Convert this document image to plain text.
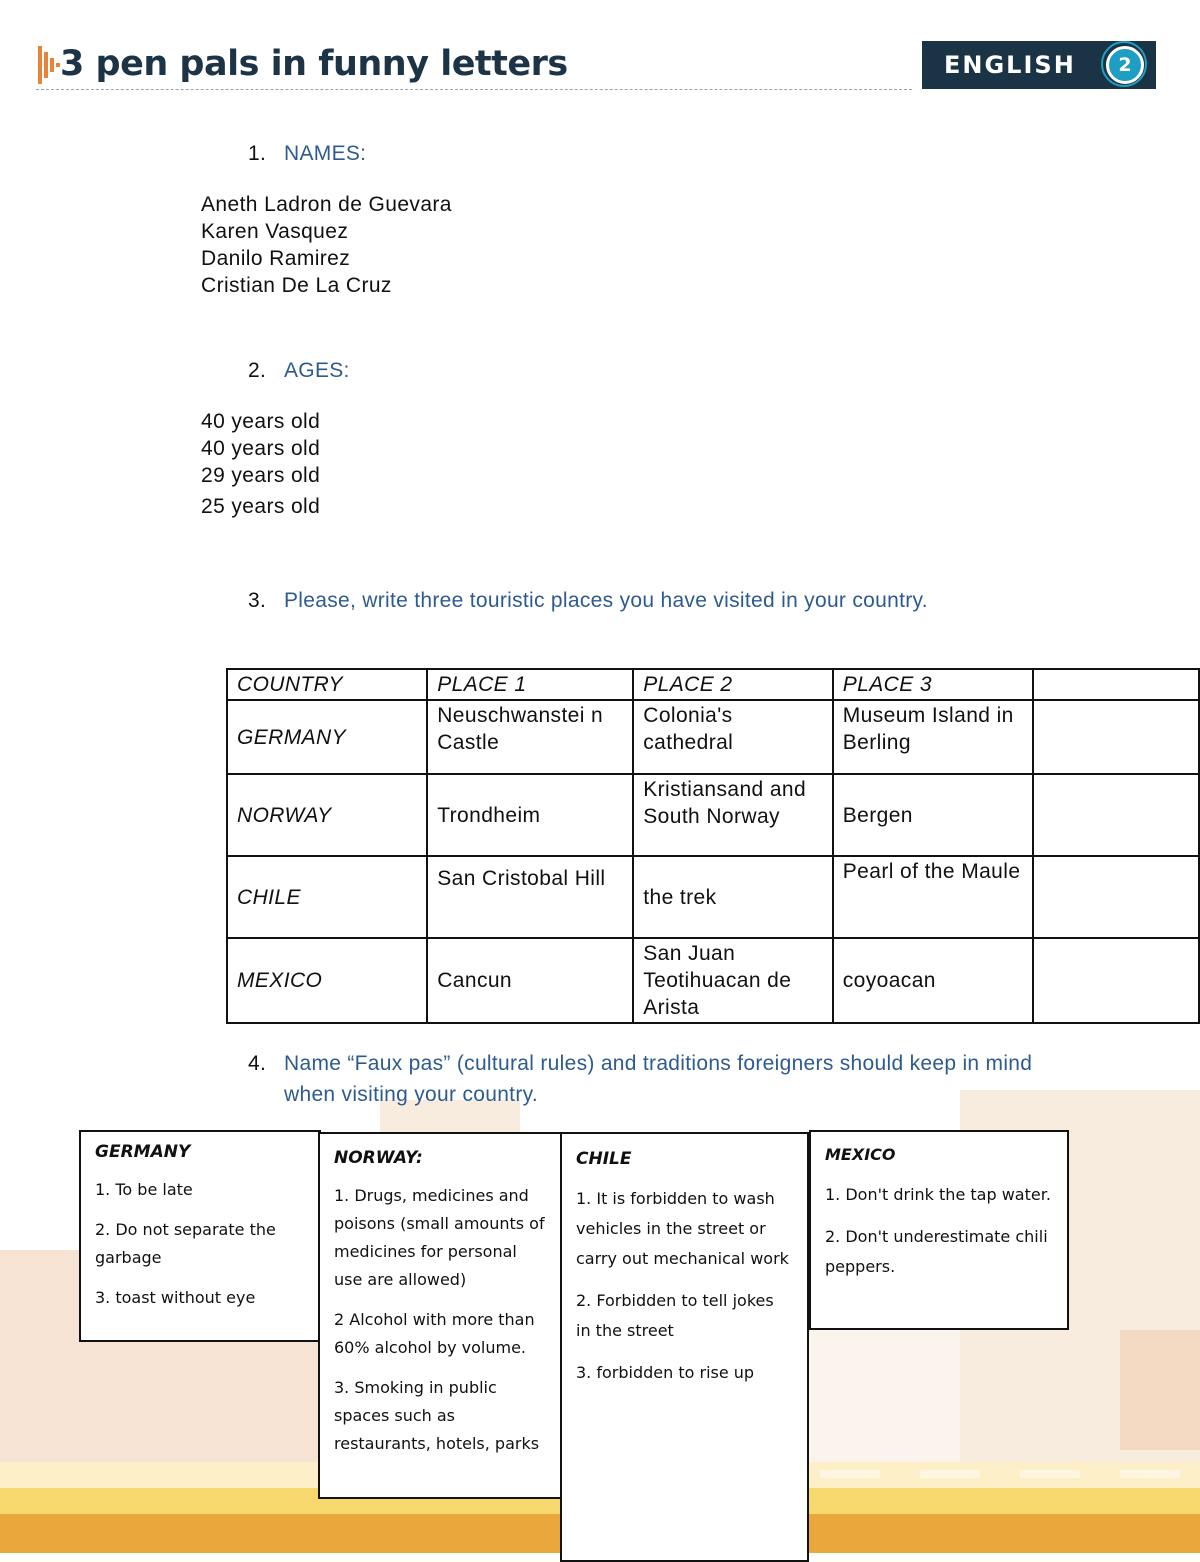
3 pen pals in funny letters	ENGLISH	2
1. NAMES:
Aneth Ladron de Guevara
Karen Vasquez
Danilo Ramirez
Cristian De La Cruz
2. AGES:
40 years old
40 years old
29 years old
25 years old
3. Please, write three touristic places you have visited in your country.
COUNTRY	PLACE 1	PLACE 2	PLACE 3	
GERMANY	Neuschwanstei n Castle	Colonia's cathedral	Museum Island in Berling	
NORWAY	Trondheim	Kristiansand and South Norway	Bergen	
CHILE	San Cristobal Hill	the trek	Pearl of the Maule	
MEXICO	Cancun	San Juan Teotihuacan de Arista	coyoacan	
4. Name “Faux pas” (cultural rules) and traditions foreigners should keep in mind when visiting your country.
GERMANY

1. To be late

2. Do not separate the garbage

3. toast without eye

NORWAY:

1. Drugs, medicines and poisons (small amounts of medicines for personal use are allowed)

2 Alcohol with more than 60% alcohol by volume.

3. Smoking in public spaces such as restaurants, hotels, parks

CHILE

1. It is forbidden to wash vehicles in the street or carry out mechanical work

2. Forbidden to tell jokes in the street

3. forbidden to rise up

MEXICO

1. Don't drink the tap water.

2. Don't underestimate chili peppers.
